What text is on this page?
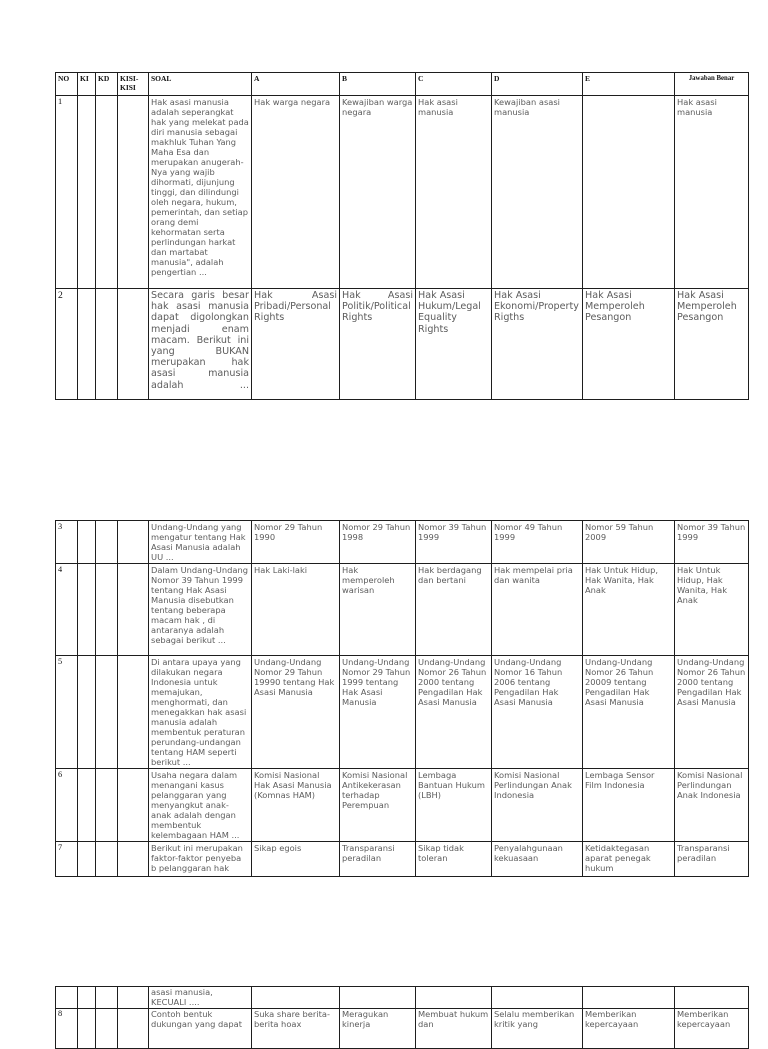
NO	KI	KD	KISI-KISI	SOAL	A	B	C	D	E	Jawaban Benar
1				Hak asasi manusia adalah seperangkat hak yang melekat pada diri manusia sebagai makhluk Tuhan Yang Maha Esa dan merupakan anugerah-Nya yang wajib dihormati, dijunjung tinggi, dan dilindungi oleh negara, hukum, pemerintah, dan setiap orang demi kehormatan serta perlindungan harkat dan martabat manusia", adalah pengertian ...	Hak warga negara	Kewajiban warga negara	Hak asasi manusia	Kewajiban asasi manusia		Hak asasi manusia
2				Secara garis besar hak asasi manusia dapat digolongkan menjadi enam macam. Berikut ini yang BUKAN merupakan hak asasi manusia adalah ...	Hak Asasi Pribadi/Personal Rights	Hak Asasi Politik/Political Rights	Hak Asasi Hukum/Legal Equality Rights	Hak Asasi Ekonomi/Property Rigths	Hak Asasi Memperoleh Pesangon	Hak Asasi Memperoleh Pesangon
3				Undang-Undang yang mengatur tentang Hak Asasi Manusia adalah UU ...	Nomor 29 Tahun 1990	Nomor 29 Tahun 1998	Nomor 39 Tahun 1999	Nomor 49 Tahun 1999	Nomor 59 Tahun 2009	Nomor 39 Tahun 1999
4				Dalam Undang-Undang Nomor 39 Tahun 1999 tentang Hak Asasi Manusia disebutkan tentang beberapa macam hak , di antaranya adalah sebagai berikut ...	Hak Laki-laki	Hak memperoleh warisan	Hak berdagang dan bertani	Hak mempelai pria dan wanita	Hak Untuk Hidup, Hak Wanita, Hak Anak	Hak Untuk Hidup, Hak Wanita, Hak Anak
5				Di antara upaya yang dilakukan negara Indonesia untuk memajukan, menghormati, dan menegakkan hak asasi manusia adalah membentuk peraturan perundang-undangan tentang HAM seperti berikut ...	Undang-Undang Nomor 29 Tahun 19990 tentang Hak Asasi Manusia	Undang-Undang Nomor 29 Tahun 1999 tentang Hak Asasi Manusia	Undang-Undang Nomor 26 Tahun 2000 tentang Pengadilan Hak Asasi Manusia	Undang-Undang Nomor 16 Tahun 2006 tentang Pengadilan Hak Asasi Manusia	Undang-Undang Nomor 26 Tahun 20009 tentang Pengadilan Hak Asasi Manusia	Undang-Undang Nomor 26 Tahun 2000 tentang Pengadilan Hak Asasi Manusia
6				Usaha negara dalam menangani kasus pelanggaran yang menyangkut anak-anak adalah dengan membentuk kelembagaan HAM ...	Komisi Nasional Hak Asasi Manusia (Komnas HAM)	Komisi Nasional Antikekerasan terhadap Perempuan	Lembaga Bantuan Hukum (LBH)	Komisi Nasional Perlindungan Anak Indonesia	Lembaga Sensor Film Indonesia	Komisi Nasional Perlindungan Anak Indonesia
7				Berikut ini merupakan faktor-faktor penyeba b pelanggaran hak	Sikap egois	Transparansi peradilan	Sikap tidak toleran	Penyalahgunaan kekuasaan	Ketidaktegasan aparat penegak hukum	Transparansi peradilan
				asasi manusia, KECUALI ....						
8				Contoh bentuk dukungan yang dapat	Suka share berita-berita hoax	Meragukan kinerja	Membuat hukum dan	Selalu memberikan kritik yang	Memberikan kepercayaan	Memberikan kepercayaan
